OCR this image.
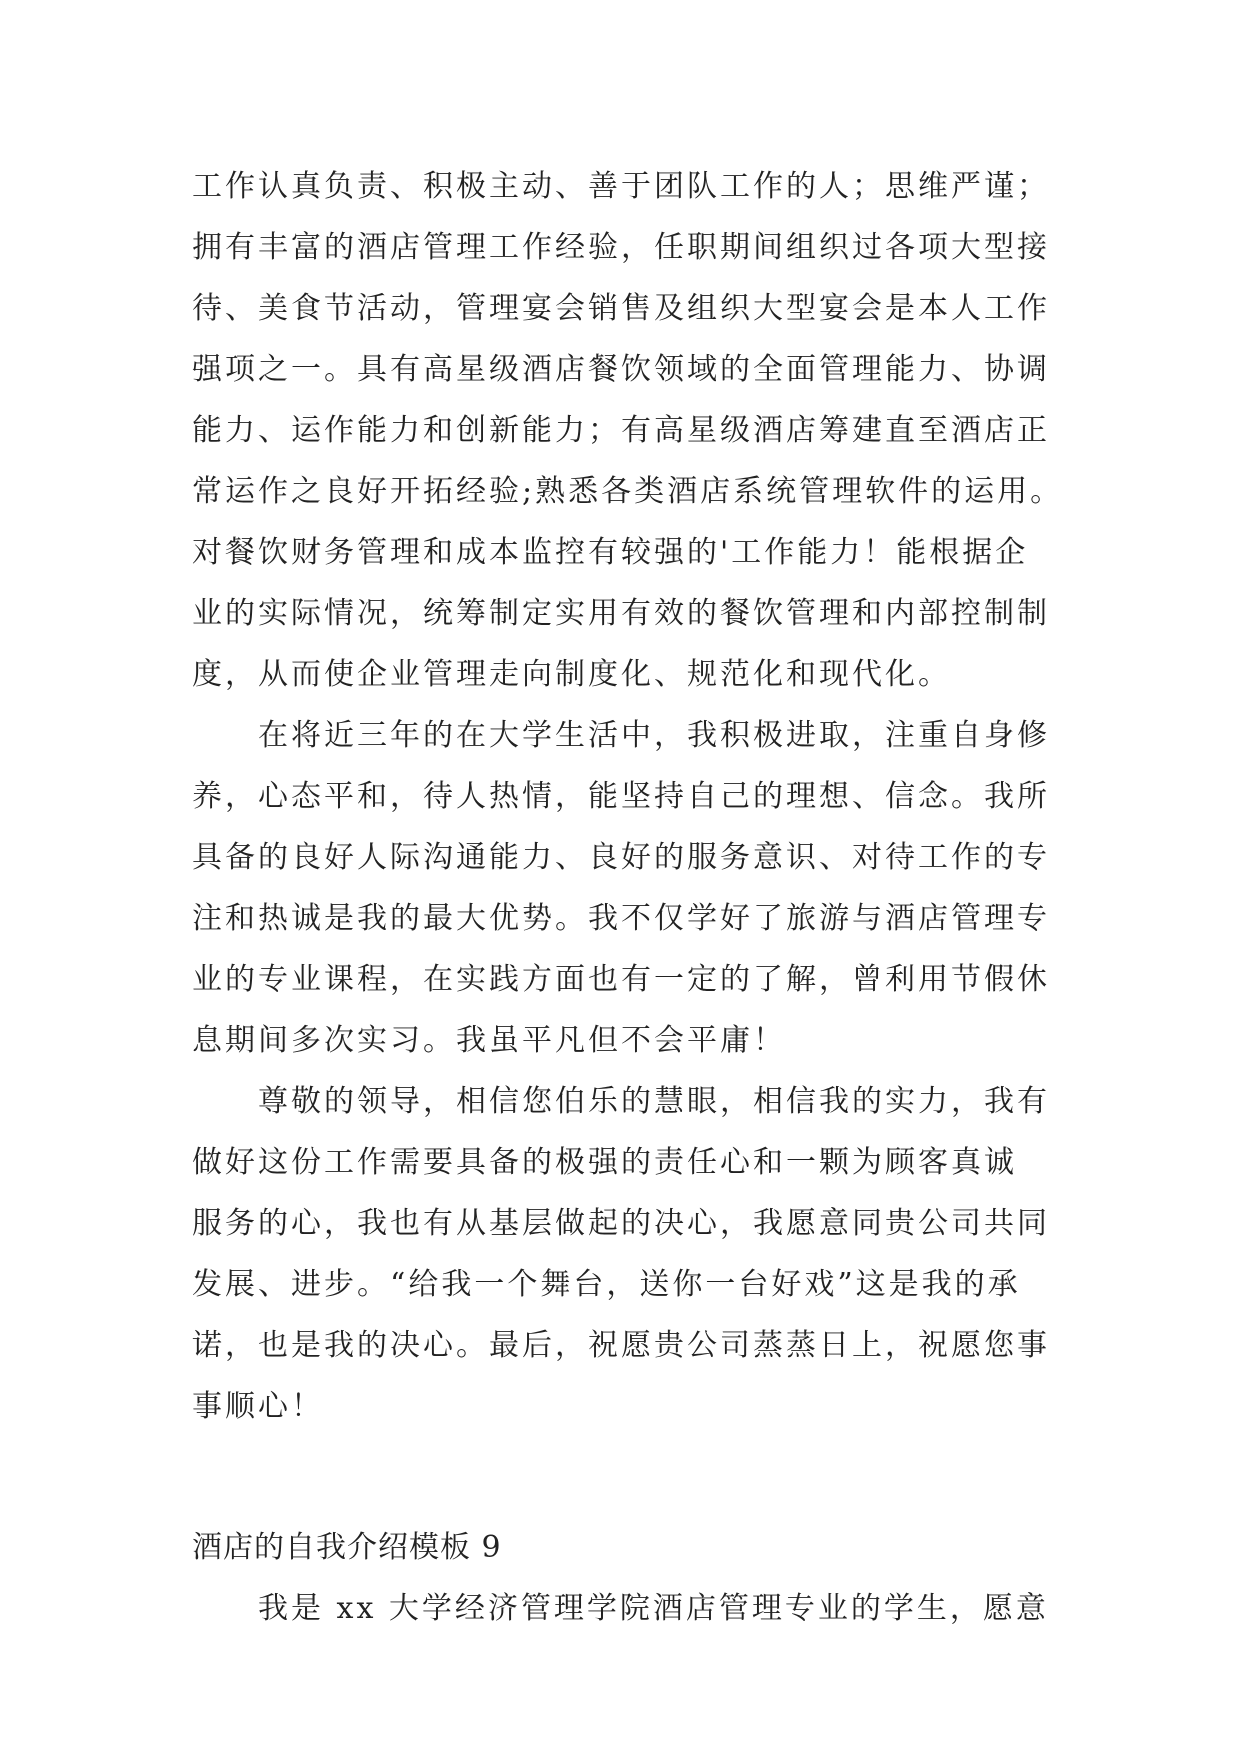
工作认真负责、积极主动、善于团队工作的人；思维严谨；
拥有丰富的酒店管理工作经验，任职期间组织过各项大型接
待、美食节活动，管理宴会销售及组织大型宴会是本人工作
强项之一。具有高星级酒店餐饮领域的全面管理能力、协调
能力、运作能力和创新能力；有高星级酒店筹建直至酒店正
常运作之良好开拓经验;熟悉各类酒店系统管理软件的运用。
对餐饮财务管理和成本监控有较强的'工作能力！能根据企
业的实际情况，统筹制定实用有效的餐饮管理和内部控制制
度，从而使企业管理走向制度化、规范化和现代化。
在将近三年的在大学生活中，我积极进取，注重自身修
养，心态平和，待人热情，能坚持自己的理想、信念。我所
具备的良好人际沟通能力、良好的服务意识、对待工作的专
注和热诚是我的最大优势。我不仅学好了旅游与酒店管理专
业的专业课程，在实践方面也有一定的了解，曾利用节假休
息期间多次实习。我虽平凡但不会平庸！
尊敬的领导，相信您伯乐的慧眼，相信我的实力，我有
做好这份工作需要具备的极强的责任心和一颗为顾客真诚
服务的心，我也有从基层做起的决心，我愿意同贵公司共同
发展、进步。“给我一个舞台，送你一台好戏”这是我的承
诺，也是我的决心。最后，祝愿贵公司蒸蒸日上，祝愿您事
事顺心！
酒店的自我介绍模板 9
我是 xx 大学经济管理学院酒店管理专业的学生，愿意
